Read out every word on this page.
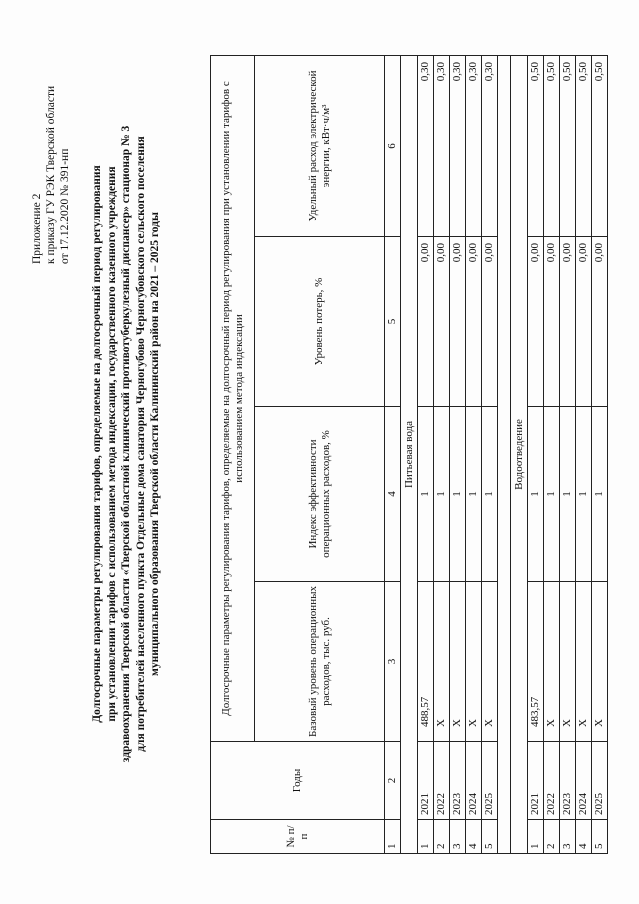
Приложение 2 к приказу ГУ РЭК Тверской области от 17.12.2020 № 391-нп Долгосрочные параметры регулирования тарифов, определяемые на долгосрочный период регулирования при установлении тарифов с использованием метода индексации, государственного казенного учреждения здравоохранения Тверской области «Тверской областной клинический противотуберкулезный диспансер» стационар № 3 для потребителей населенного пункта Отдельные дома санатория Черногубово Черногубовского сельского поселения муниципального образования Тверской области Калининский район на 2021 – 2025 годы
№ п/п	Годы	Долгосрочные параметры регулирования тарифов, определяемые на долгосрочный период регулирования при установлении тарифов с использованием метода индексации			
		Базовый уровень операционных расходов, тыс. руб.	Индекс эффективности операционных расходов, %	Уровень потерь, %	Удельный расход электрической энергии, кВт·ч/м³
1	2	3	4	5	6
Питьевая вода					
1	2021	488,57	1	0,00	0,30
2	2022	Х	1	0,00	0,30
3	2023	Х	1	0,00	0,30
4	2024	Х	1	0,00	0,30
5	2025	Х	1	0,00	0,30

Водоотведение					
1	2021	483,57	1	0,00	0,50
2	2022	Х	1	0,00	0,50
3	2023	Х	1	0,00	0,50
4	2024	Х	1	0,00	0,50
5	2025	Х	1	0,00	0,50
